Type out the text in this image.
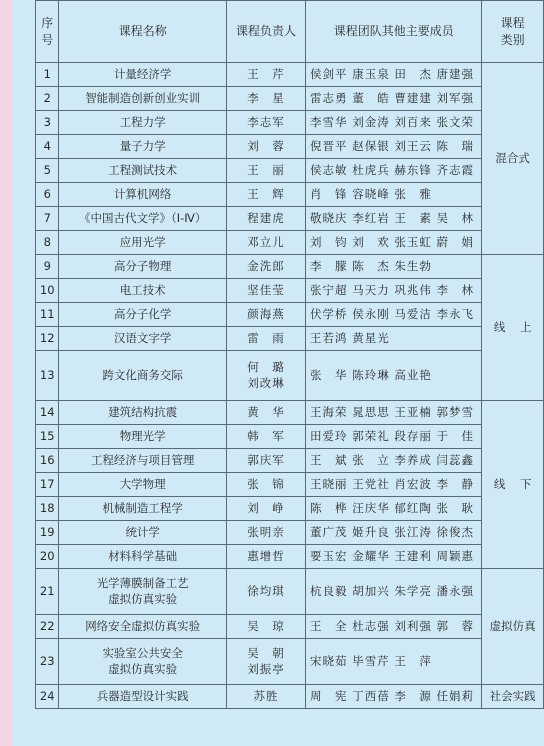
序
号	课程名称	课程负责人	课程团队其他主要成员	课程
类别

1	计量经济学	王　芹	侯剑平 康玉泉 田　杰 唐建强	混合式
2	智能制造创新创业实训	李　星	雷志勇 董　皓 曹建建 刘军强	
3	工程力学	李志军	李雪华 刘金涛 刘百来 张文荣	
4	量子力学	刘　蓉	倪晋平 赵保银 刘王云 陈　瑞	
5	工程测试技术	王　丽	侯志敏 杜虎兵 赫东锋 齐志霞	
6	计算机网络	王　辉	肖　锋 容晓峰 张　雅	
7	《中国古代文学》（Ⅰ-Ⅳ）	程建虎	敬晓庆 李红岩 王　素 吴　林	
8	应用光学	邓立儿	刘　钧 刘　欢 张玉虹 蔚　娟	
9	高分子物理	金洗郎	李　朦 陈　杰 朱生勃	线    上
10	电工技术	坚佳莹	张宁超 马天力 巩兆伟 李　林	
11	高分子化学	颜海燕	伏学桥 侯永刚 马爱洁 李永飞	
12	汉语文字学	雷　雨	王若鸿 黄星光	
13	跨文化商务交际	何　璐
刘改琳	张　华 陈玲琳 高业艳	
14	建筑结构抗震	黄　华	王海荣 晁思思 王亚楠 郭梦雪	线    下
15	物理光学	韩　军	田爱玲 郭荣礼 段存丽 于　佳	
16	工程经济与项目管理	郭庆军	王　斌 张　立 李养成 闫蕊鑫	
17	大学物理	张　锦	王晓丽 王党社 肖宏波 李　静	
18	机械制造工程学	刘　峥	陈　桦 汪庆华 郁红陶 张　耿	
19	统计学	张明亲	董广茂 姬升良 张江涛 徐俊杰	
20	材料科学基础	惠增哲	要玉宏 金耀华 王建利 周颖惠	
21	光学薄膜制备工艺
虚拟仿真实验	徐均琪	杭良毅 胡加兴 朱学亮 潘永强	虚拟仿真
22	网络安全虚拟仿真实验	吴　琼	王　全 杜志强 刘利强 郭　蓉	
23	实验室公共安全
虚拟仿真实验	吴　朝
刘振亭	宋晓茹 毕雪芹 王　萍	
24	兵器造型设计实践	苏胜	周　宪 丁西蓓 李　源 任娟莉	社会实践
